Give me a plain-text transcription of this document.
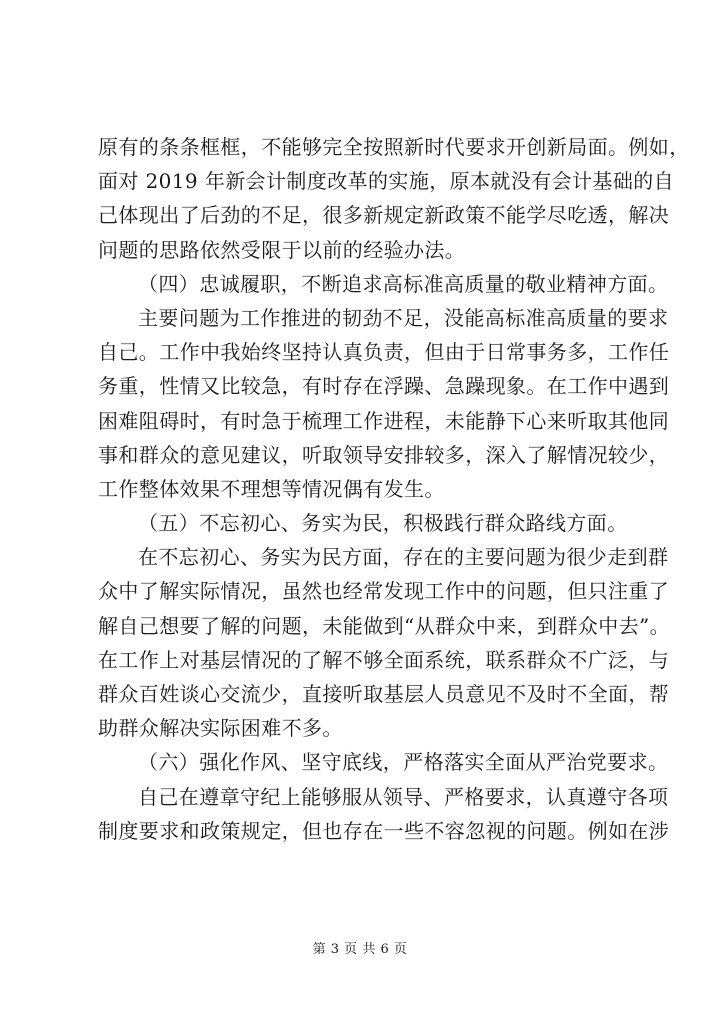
原有的条条框框，不能够完全按照新时代要求开创新局面。例如，
面对 2019 年新会计制度改革的实施，原本就没有会计基础的自
己体现出了后劲的不足，很多新规定新政策不能学尽吃透，解决
问题的思路依然受限于以前的经验办法。
（四）忠诚履职，不断追求高标准高质量的敬业精神方面。
主要问题为工作推进的韧劲不足，没能高标准高质量的要求
自己。工作中我始终坚持认真负责，但由于日常事务多，工作任
务重，性情又比较急，有时存在浮躁、急躁现象。在工作中遇到
困难阻碍时，有时急于梳理工作进程，未能静下心来听取其他同
事和群众的意见建议，听取领导安排较多，深入了解情况较少，
工作整体效果不理想等情况偶有发生。
（五）不忘初心、务实为民，积极践行群众路线方面。
在不忘初心、务实为民方面，存在的主要问题为很少走到群
众中了解实际情况，虽然也经常发现工作中的问题，但只注重了
解自己想要了解的问题，未能做到“从群众中来，到群众中去”。
在工作上对基层情况的了解不够全面系统，联系群众不广泛，与
群众百姓谈心交流少，直接听取基层人员意见不及时不全面，帮
助群众解决实际困难不多。
（六）强化作风、坚守底线，严格落实全面从严治党要求。
自己在遵章守纪上能够服从领导、严格要求，认真遵守各项
制度要求和政策规定，但也存在一些不容忽视的问题。例如在涉
第 3 页 共 6 页
